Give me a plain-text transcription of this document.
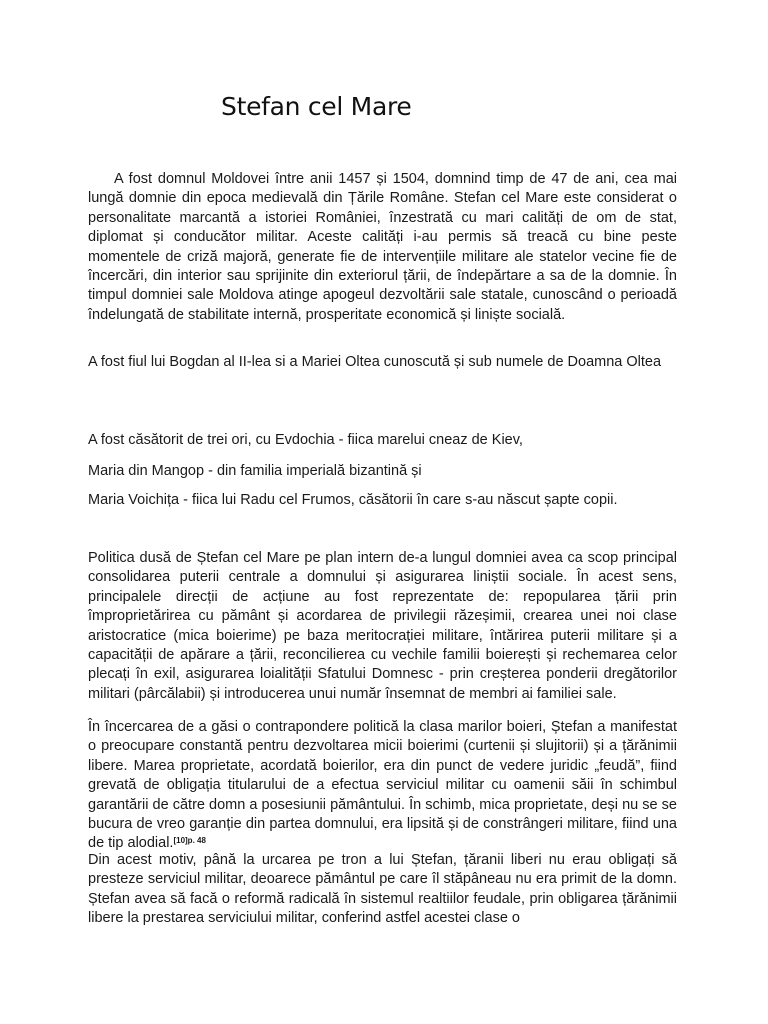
Stefan cel Mare

A fost domnul Moldovei între anii 1457 și 1504, domnind timp de 47 de ani, cea mai lungă domnie din epoca medievală din Țările Române. Stefan cel Mare este considerat o personalitate marcantă a istoriei României, înzestrată cu mari calități de om de stat, diplomat și conducător militar. Aceste calități i-au permis să treacă cu bine peste momentele de criză majoră, generate fie de intervențiile militare ale statelor vecine fie de încercări, din interior sau sprijinite din exteriorul țării, de îndepărtare a sa de la domnie. În timpul domniei sale Moldova atinge apogeul dezvoltării sale statale, cunoscând o perioadă îndelungată de stabilitate internă, prosperitate economică și liniște socială.

A fost fiul lui Bogdan al II-lea si a Mariei Oltea cunoscută și sub numele de Doamna Oltea

A fost căsătorit de trei ori, cu Evdochia - fiica marelui cneaz de Kiev,

Maria din Mangop - din familia imperială bizantină și

Maria Voichița - fiica lui Radu cel Frumos, căsătorii în care s-au născut șapte copii.

Politica dusă de Ștefan cel Mare pe plan intern de-a lungul domniei avea ca scop principal consolidarea puterii centrale a domnului și asigurarea liniștii sociale. În acest sens, principalele direcții de acțiune au fost reprezentate de: repopularea țării prin împroprietărirea cu pământ și acordarea de privilegii răzeșimii, crearea unei noi clase aristocratice (mica boierime) pe baza meritocrației militare, întărirea puterii militare și a capacității de apărare a țării, reconcilierea cu vechile familii boierești și rechemarea celor plecați în exil, asigurarea loialității Sfatului Domnesc - prin creșterea ponderii dregătorilor militari (pârcălabii) și introducerea unui număr însemnat de membri ai familiei sale.

În încercarea de a găsi o contrapondere politică la clasa marilor boieri, Ștefan a manifestat o preocupare constantă pentru dezvoltarea micii boierimi (curtenii și slujitorii) și a țărănimii libere. Marea proprietate, acordată boierilor, era din punct de vedere juridic „feudă”, fiind grevată de obligația titularului de a efectua serviciul militar cu oamenii săii în schimbul garantării de către domn a posesiunii pământului. În schimb, mica proprietate, deși nu se se bucura de vreo garanție din partea domnului, era lipsită și de constrângeri militare, fiind una de tip alodial.$^{[10]p. 48}$

Din acest motiv, până la urcarea pe tron a lui Ștefan, țăranii liberi nu erau obligați să presteze serviciul militar, deoarece pământul pe care îl stăpâneau nu era primit de la domn. Ștefan avea să facă o reformă radicală în sistemul realtiilor feudale, prin obligarea țărănimii libere la prestarea serviciului militar, conferind astfel acestei clase o
